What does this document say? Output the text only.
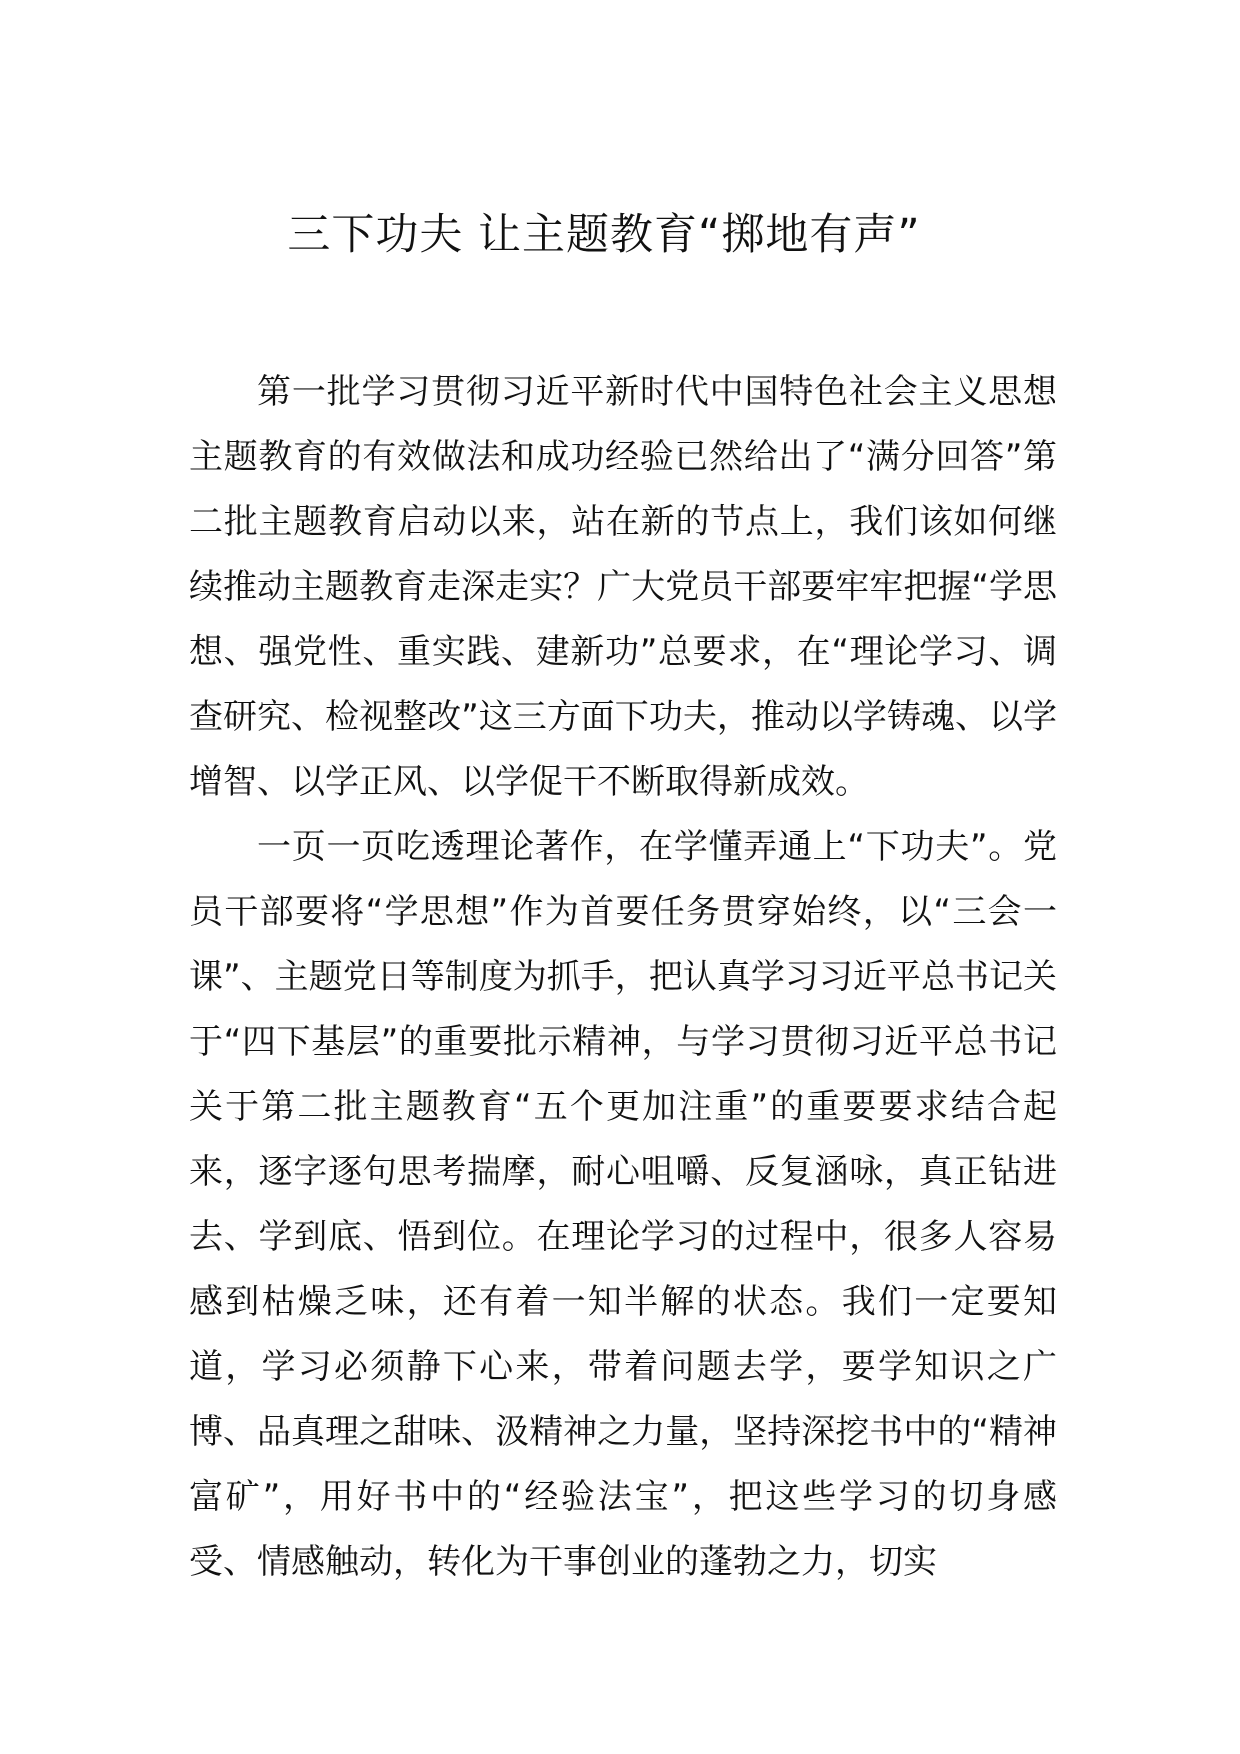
三下功夫 让主题教育“掷地有声”

第一批学习贯彻习近平新时代中国特色社会主义思想主题教育的有效做法和成功经验已然给出了“满分回答”第二批主题教育启动以来，站在新的节点上，我们该如何继续推动主题教育走深走实？广大党员干部要牢牢把握“学思想、强党性、重实践、建新功”总要求，在“理论学习、调查研究、检视整改”这三方面下功夫，推动以学铸魂、以学增智、以学正风、以学促干不断取得新成效。

一页一页吃透理论著作，在学懂弄通上“下功夫”。党员干部要将“学思想”作为首要任务贯穿始终，以“三会一课”、主题党日等制度为抓手，把认真学习习近平总书记关于“四下基层”的重要批示精神，与学习贯彻习近平总书记关于第二批主题教育“五个更加注重”的重要要求结合起来，逐字逐句思考揣摩，耐心咀嚼、反复涵咏，真正钻进去、学到底、悟到位。在理论学习的过程中，很多人容易感到枯燥乏味，还有着一知半解的状态。我们一定要知道，学习必须静下心来，带着问题去学，要学知识之广博、品真理之甜味、汲精神之力量，坚持深挖书中的“精神富矿”，用好书中的“经验法宝”，把这些学习的切身感受、情感触动，转化为干事创业的蓬勃之力，切实
